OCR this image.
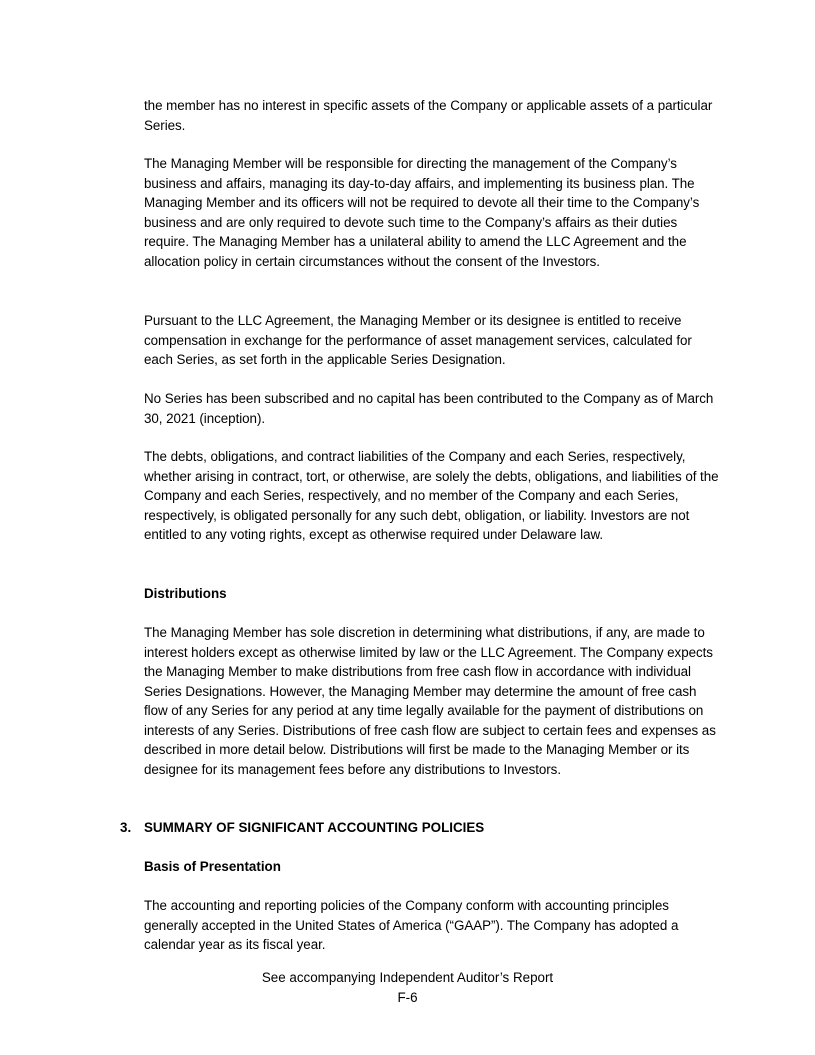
the member has no interest in specific assets of the Company or applicable assets of a particular Series.

The Managing Member will be responsible for directing the management of the Company’s business and affairs, managing its day-to-day affairs, and implementing its business plan. The Managing Member and its officers will not be required to devote all their time to the Company’s business and are only required to devote such time to the Company’s affairs as their duties require. The Managing Member has a unilateral ability to amend the LLC Agreement and the allocation policy in certain circumstances without the consent of the Investors.

Pursuant to the LLC Agreement, the Managing Member or its designee is entitled to receive compensation in exchange for the performance of asset management services, calculated for each Series, as set forth in the applicable Series Designation.

No Series has been subscribed and no capital has been contributed to the Company as of March 30, 2021 (inception).

The debts, obligations, and contract liabilities of the Company and each Series, respectively, whether arising in contract, tort, or otherwise, are solely the debts, obligations, and liabilities of the Company and each Series, respectively, and no member of the Company and each Series, respectively, is obligated personally for any such debt, obligation, or liability. Investors are not entitled to any voting rights, except as otherwise required under Delaware law.

Distributions

The Managing Member has sole discretion in determining what distributions, if any, are made to interest holders except as otherwise limited by law or the LLC Agreement. The Company expects the Managing Member to make distributions from free cash flow in accordance with individual Series Designations. However, the Managing Member may determine the amount of free cash flow of any Series for any period at any time legally available for the payment of distributions on interests of any Series. Distributions of free cash flow are subject to certain fees and expenses as described in more detail below. Distributions will first be made to the Managing Member or its designee for its management fees before any distributions to Investors.

3. SUMMARY OF SIGNIFICANT ACCOUNTING POLICIES

Basis of Presentation

The accounting and reporting policies of the Company conform with accounting principles generally accepted in the United States of America (“GAAP”). The Company has adopted a calendar year as its fiscal year.

See accompanying Independent Auditor’s Report

F-6
